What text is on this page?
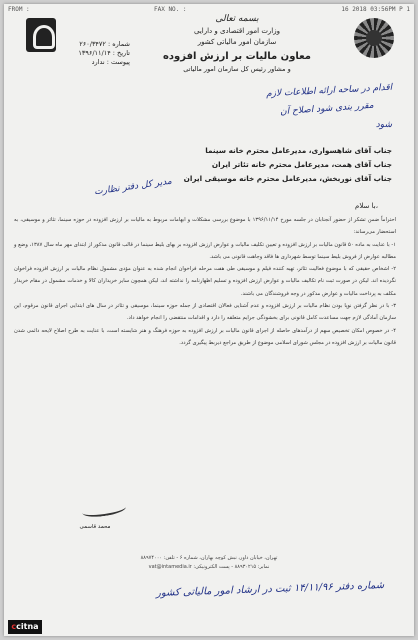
FROM :	FAX NO. :	16 2018 03:56PM P 1
بسمه تعالی
وزارت امور اقتصادی و دارایی
سازمان امور مالیاتی کشور
معاون مالیات بر ارزش افزوده
و مشاور رئیس کل سازمان امور مالیاتی
شماره : ۲۶۰/۳۴۷۲
تاریخ : ۱۳۹۶/۱۱/۱۴
پیوست : ندارد
اقدام در ساحه ارائه اطلاعات لازم
مقرر بندی شود اصلاح آن
شود
مدیر کل دفتر نظارت
جناب آقای شاهسواری، مدیرعامل محترم خانه سینما
جناب آقای همت، مدیرعامل محترم خانه تئاتر ایران
جناب آقای نوربخش، مدیرعامل محترم خانه موسیقی ایران
با سلام،

احتراماً ضمن تشکر از حضور آنجنابان در جلسه مورخ ۱۳۹۶/۱۱/۱۴ با موضوع بررسی مشکلات و ابهامات مربوط به مالیات بر ارزش افزوده در حوزه سینما، تئاتر و موسیقی، به استحضار می‌رساند:

۱- با عنایت به ماده ۵۰ قانون مالیات بر ارزش افزوده و تعیین تکلیف مالیات و عوارض ارزش افزوده بر بهای بلیط سینما در قالب قانون مذکور از ابتدای مهر ماه سال ۱۳۸۷، وضع و مطالبه عوارض از فروش بلیط سینما توسط شهرداری ها فاقد وجاهت قانونی می باشد.

۲- اشخاص حقیقی که با موضوع فعالیت تئاتر، تهیه کننده فیلم و موسیقی طی هفت مرحله فراخوان انجام شده به عنوان مؤدی مشمول نظام مالیات بر ارزش افزوده فراخوان نگردیده اند. لیکن در صورت ثبت نام تکالیف مالیات و عوارض ارزش افزوده و تسلیم اظهارنامه را نداشته اند، لیکن همچون سایر خریداران کالا و خدمات مشمول در مقام خریدار مکلف به پرداخت مالیات و عوارض مذکور در وجه فروشندگان می باشند.

۳- با در نظر گرفتن نوپا بودن نظام مالیات بر ارزش افزوده و عدم آشنایی فعالان اقتصادی از جمله حوزه سینما، موسیقی و تئاتر در سال های ابتدایی اجرای قانون مرقوم، این سازمان آمادگی لازم جهت مساعدت کامل قانونی برای بخشودگی جرایم متعلقه را دارد و اقدامات منتقضی را انجام خواهد داد.

۴- در خصوص امکان تخصیص سهم از درآمدهای حاصله از اجرای قانون مالیات بر ارزش افزوده به حوزه فرهنگ و هنر شایسته است، با عنایت به طرح اصلاح لایحه دائمی شدن قانون مالیات بر ارزش افزوده در مجلس شورای اسلامی موضوع از طریق مراجع ذیربط پیگیری گردد.

محمد قاسمی
تهران، خیابان داور، نبش کوچه بهاران، شماره ۶ - تلفن: ۸۸۹۷۴۰۰۰
نمابر: ۸۸۹۳۰۲۱۵ - پست الکترونیکی: vat@intamedia.ir
شماره دفتر ۱۴/۱۱/۹۶ ثبت در ارشاد امور مالیاتی کشور
ccitna
